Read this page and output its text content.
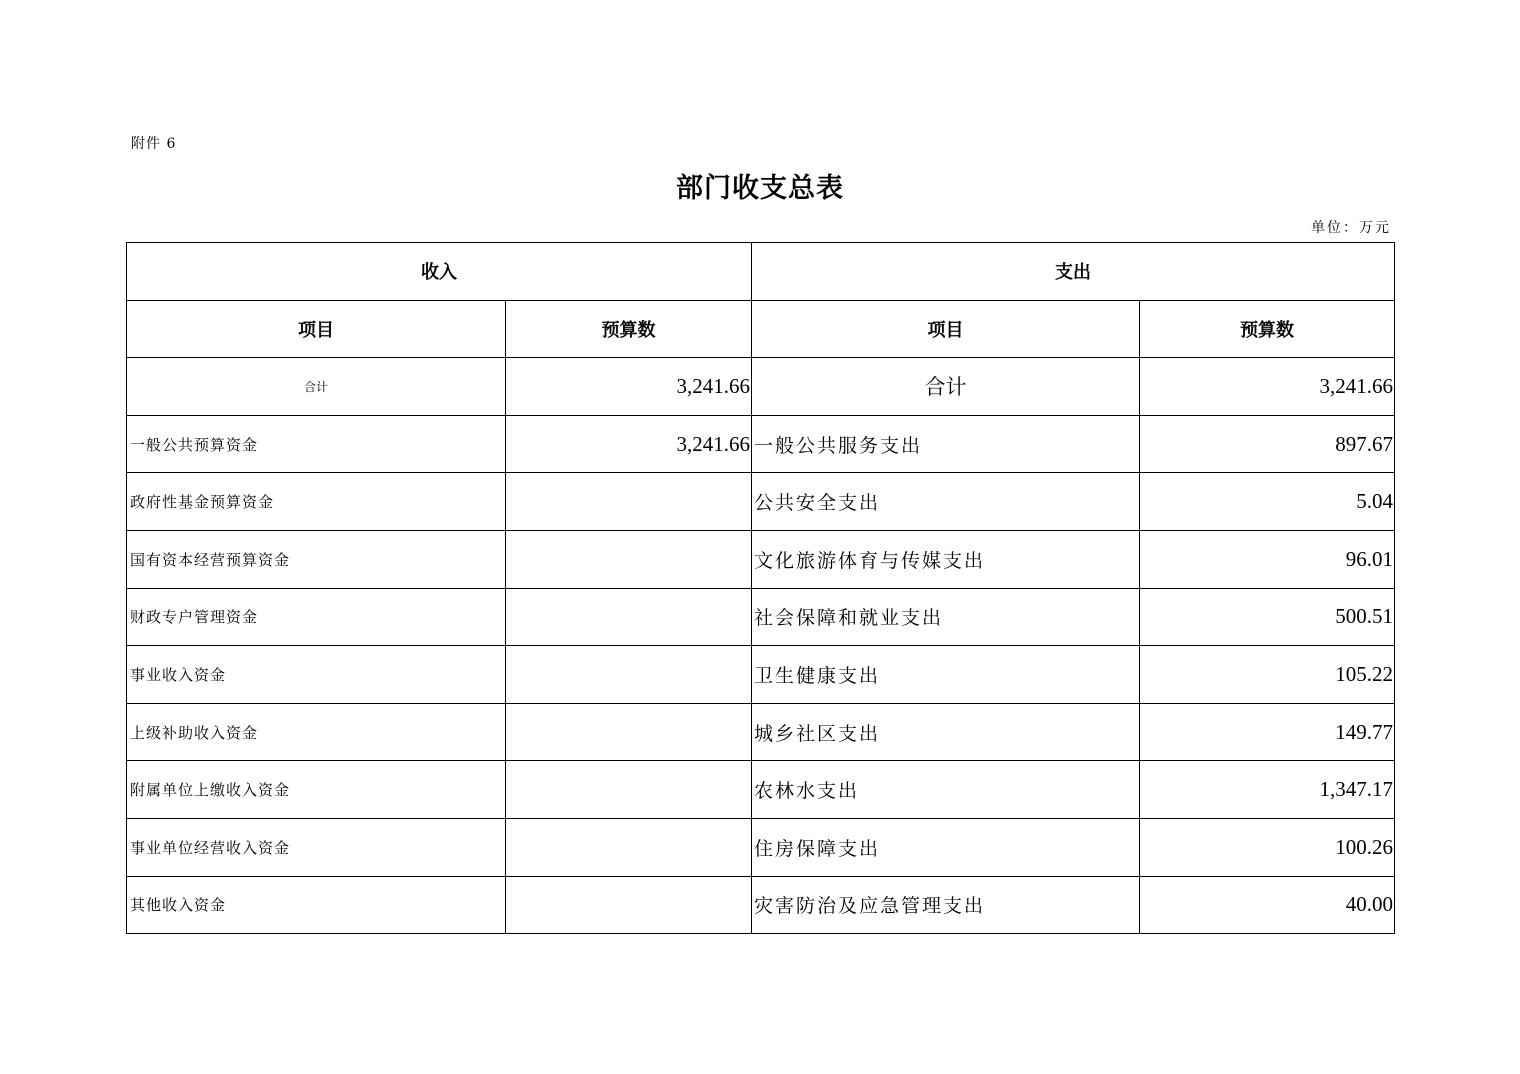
附件 6
部门收支总表
单位：万元
收入		支出	
项目	预算数	项目	预算数
合计	3,241.66	合计	3,241.66
一般公共预算资金	3,241.66	一般公共服务支出	897.67
政府性基金预算资金		公共安全支出	5.04
国有资本经营预算资金		文化旅游体育与传媒支出	96.01
财政专户管理资金		社会保障和就业支出	500.51
事业收入资金		卫生健康支出	105.22
上级补助收入资金		城乡社区支出	149.77
附属单位上缴收入资金		农林水支出	1,347.17
事业单位经营收入资金		住房保障支出	100.26
其他收入资金		灾害防治及应急管理支出	40.00
